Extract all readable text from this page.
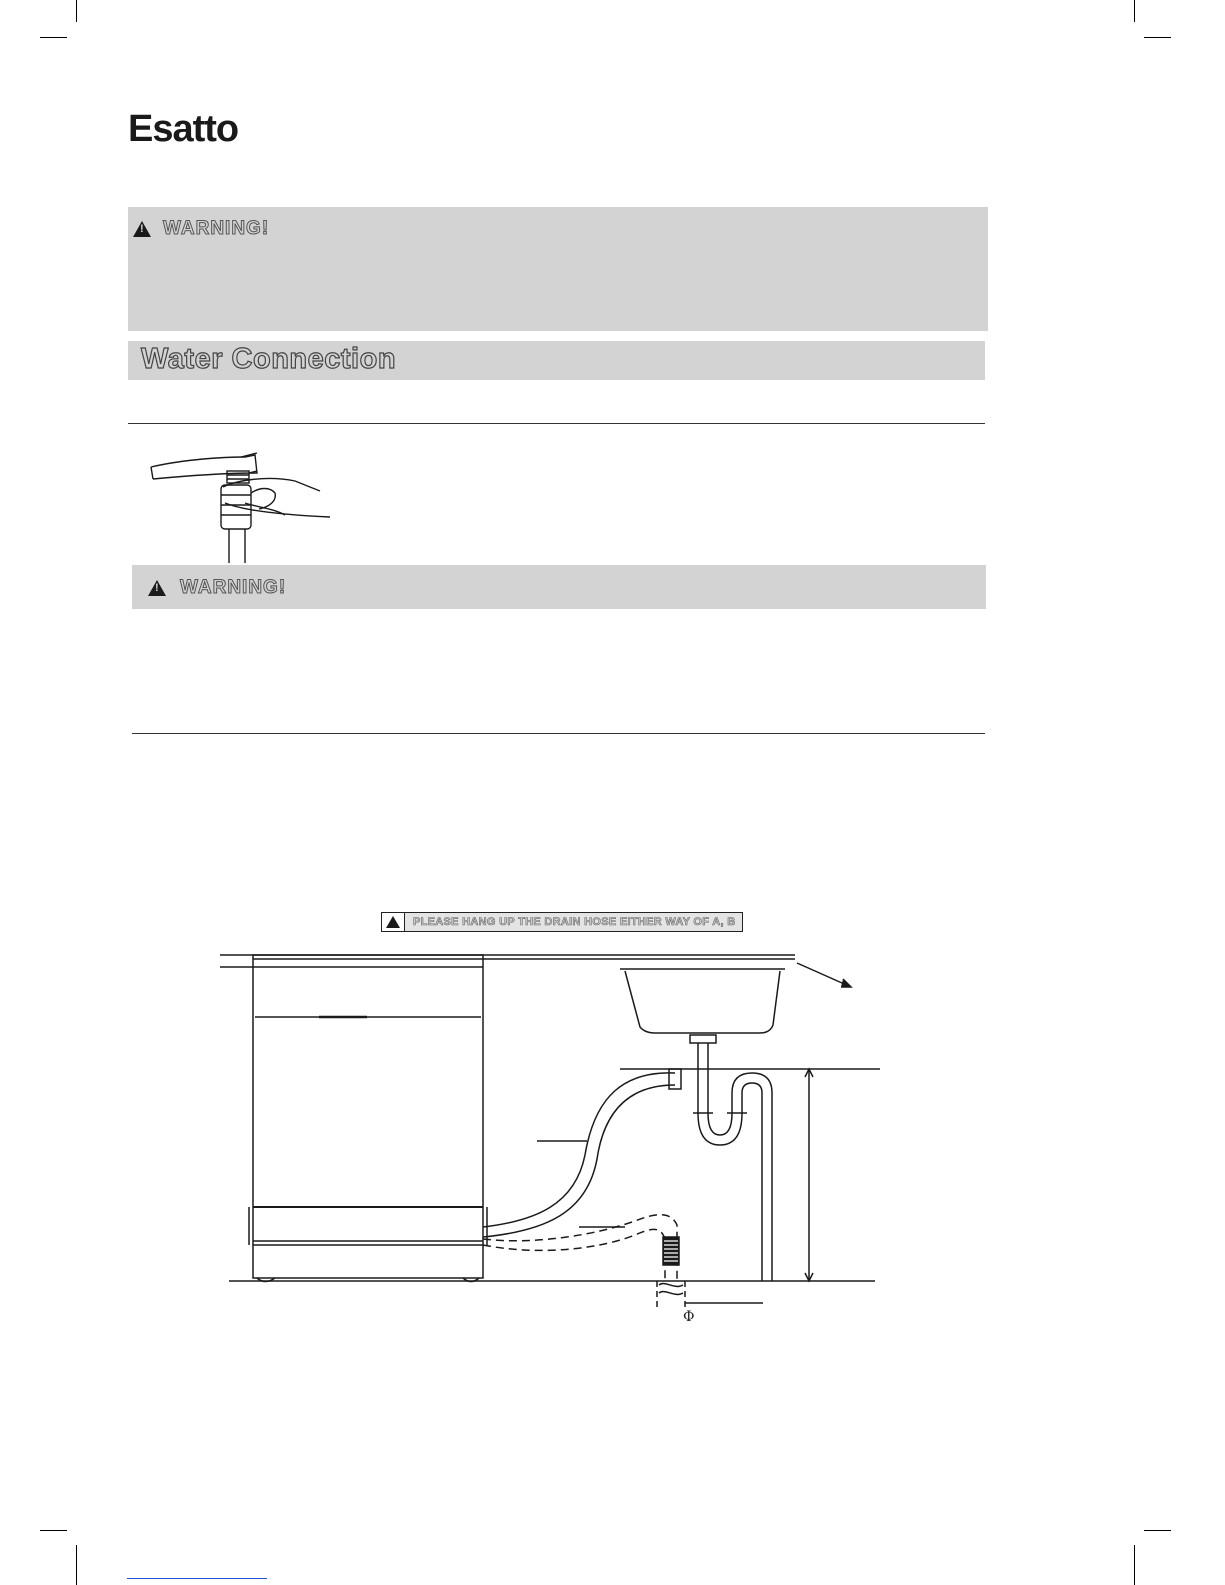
Esatto
!
WARNING!
Water Connection
!
WARNING!
PLEASE HANG UP THE DRAIN HOSE EITHER WAY OF A, B
Φ
